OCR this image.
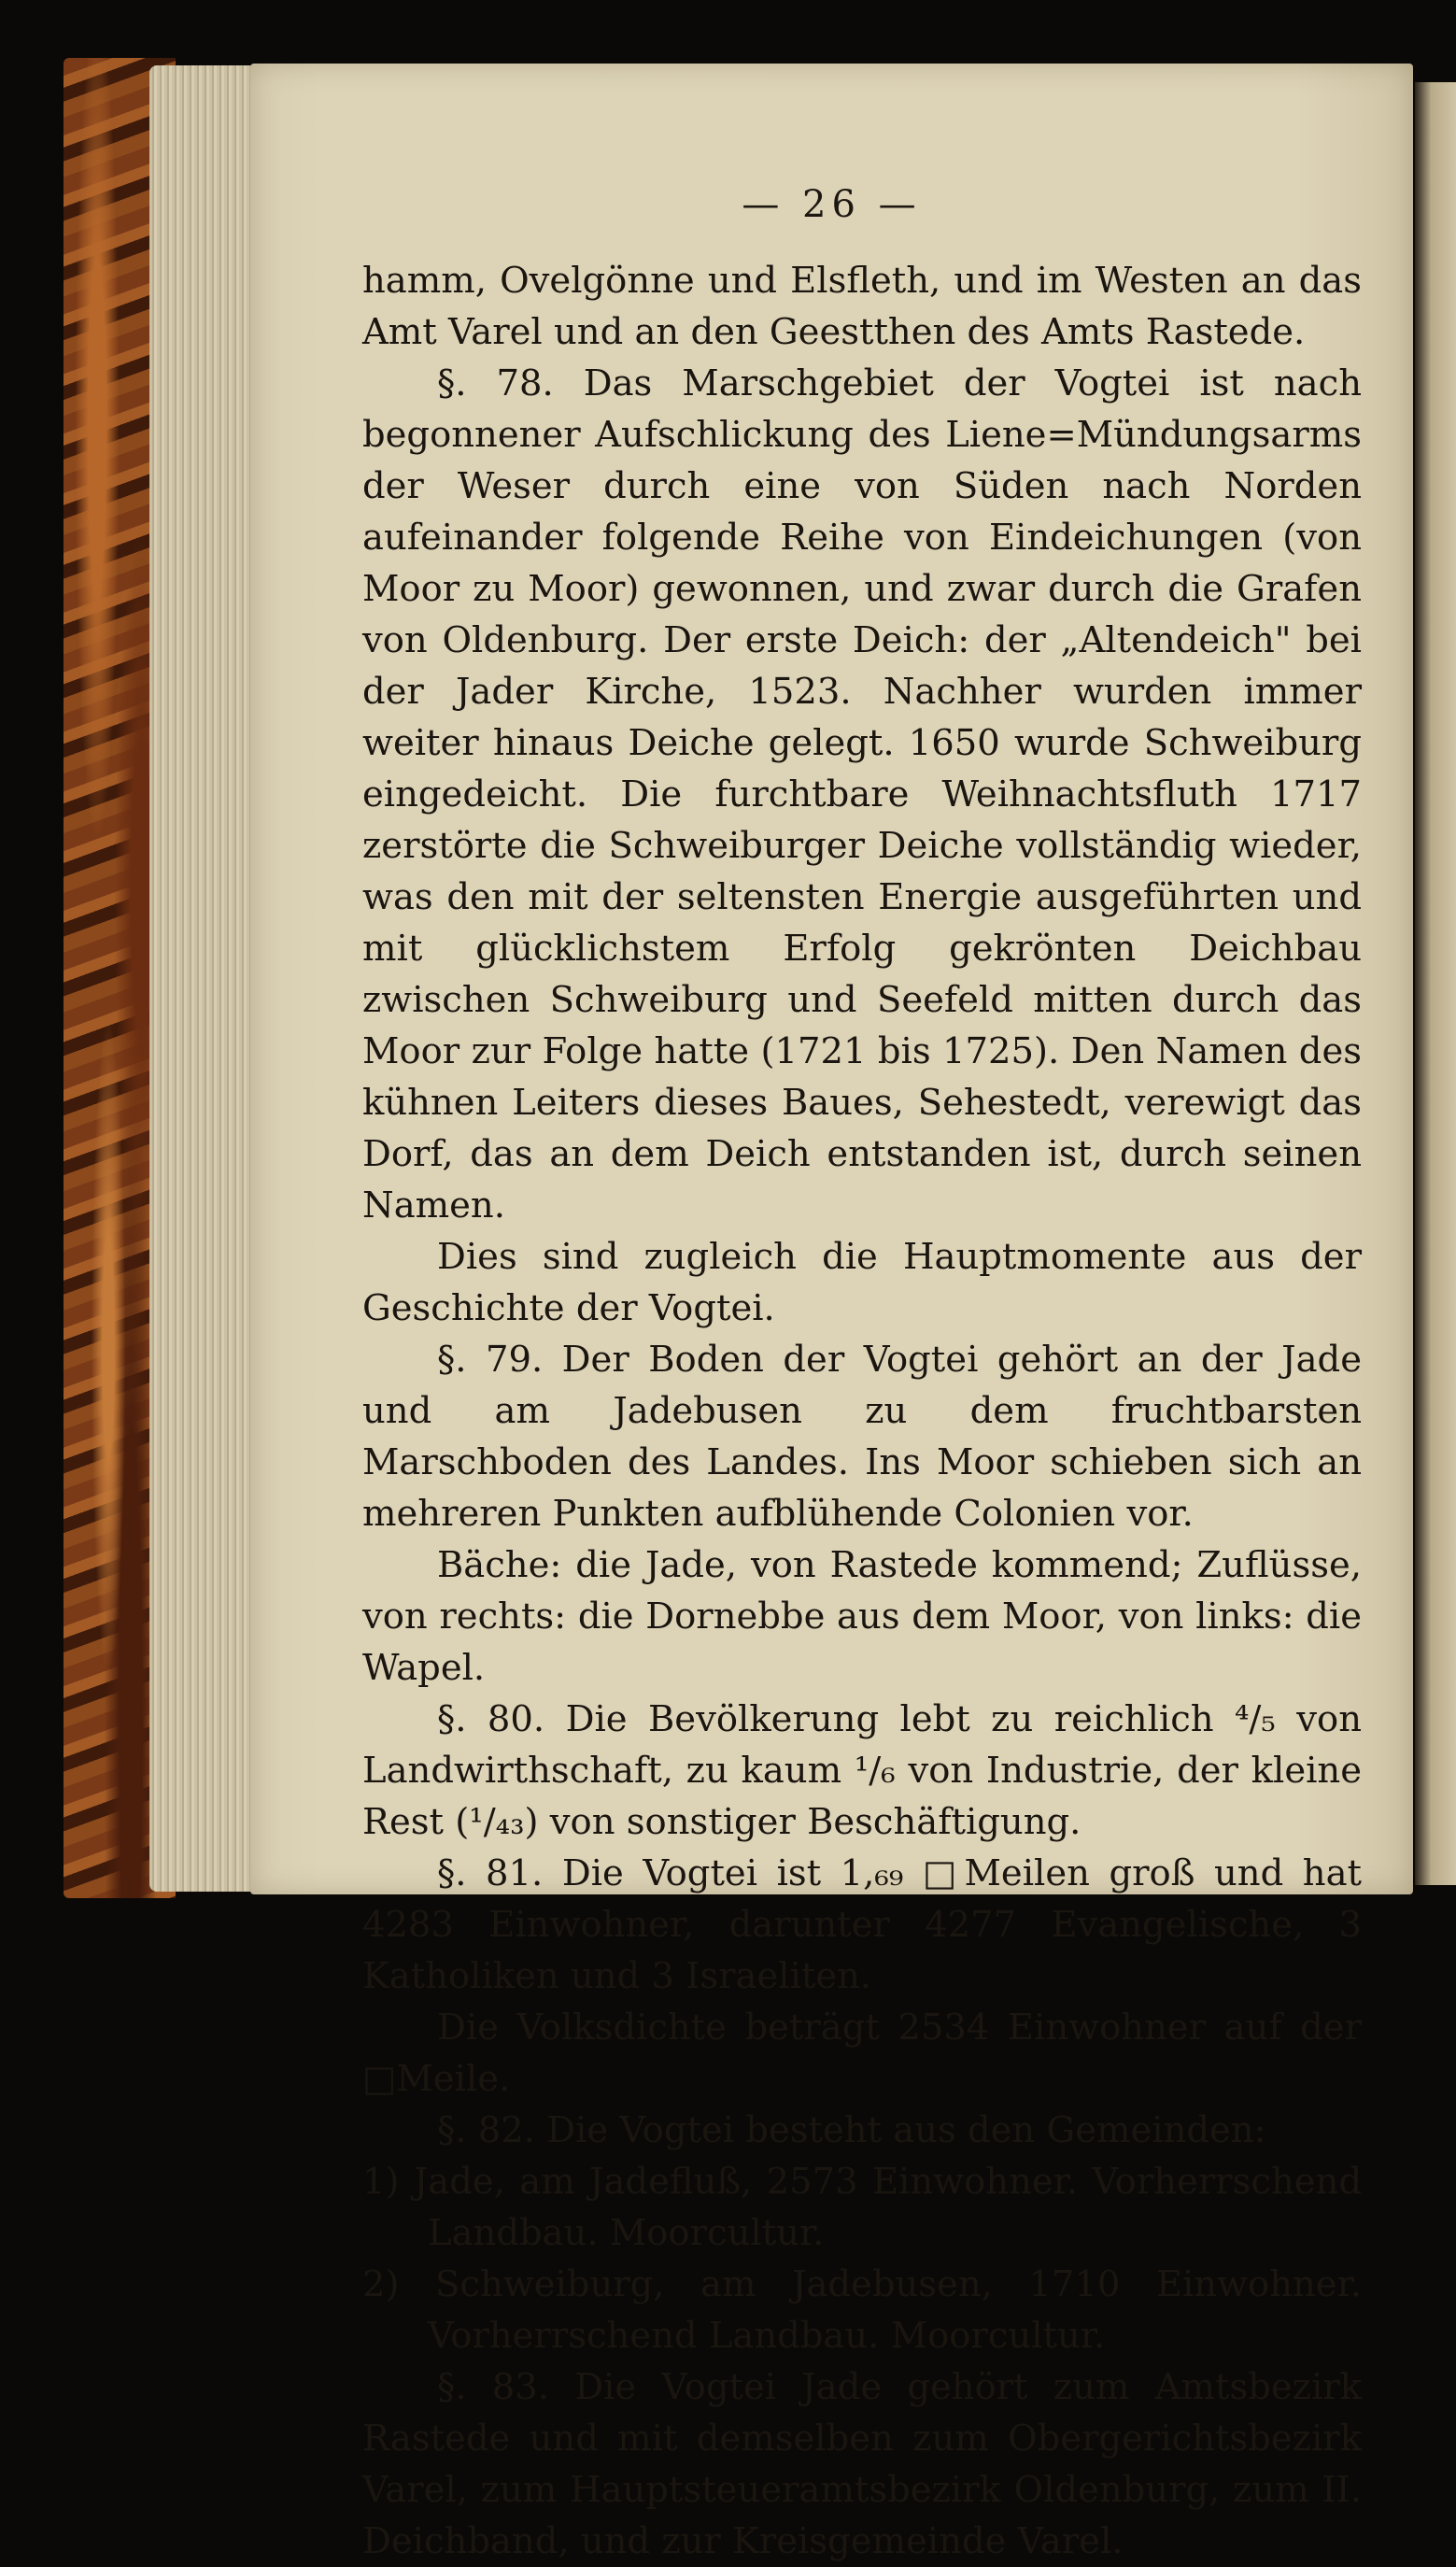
— 26 —

hamm, Ovelgönne und Elsfleth, und im Westen an das Amt Varel und an den Geestthen des Amts Rastede.

§. 78. Das Marschgebiet der Vogtei ist nach begonnener Aufschlickung des Liene=Mündungsarms der Weser durch eine von Süden nach Norden aufeinander folgende Reihe von Eindeichungen (von Moor zu Moor) gewonnen, und zwar durch die Grafen von Oldenburg. Der erste Deich: der „Altendeich" bei der Jader Kirche, 1523. Nachher wurden immer weiter hinaus Deiche gelegt. 1650 wurde Schweiburg eingedeicht. Die furchtbare Weihnachtsfluth 1717 zerstörte die Schweiburger Deiche vollständig wieder, was den mit der seltensten Energie ausgeführten und mit glücklichstem Erfolg gekrönten Deichbau zwischen Schweiburg und Seefeld mitten durch das Moor zur Folge hatte (1721 bis 1725). Den Namen des kühnen Leiters dieses Baues, Sehestedt, verewigt das Dorf, das an dem Deich entstanden ist, durch seinen Namen.

Dies sind zugleich die Hauptmomente aus der Geschichte der Vogtei.

§. 79. Der Boden der Vogtei gehört an der Jade und am Jadebusen zu dem fruchtbarsten Marschboden des Landes. Ins Moor schieben sich an mehreren Punkten aufblühende Colonien vor.

Bäche: die Jade, von Rastede kommend; Zuflüsse, von rechts: die Dornebbe aus dem Moor, von links: die Wapel.

§. 80. Die Bevölkerung lebt zu reichlich ⁴/₅ von Landwirthschaft, zu kaum ¹/₆ von Industrie, der kleine Rest (¹/₄₃) von sonstiger Beschäftigung.

§. 81. Die Vogtei ist 1,₆₉ □Meilen groß und hat 4283 Einwohner, darunter 4277 Evangelische, 3 Katholiken und 3 Israeliten.

Die Volksdichte beträgt 2534 Einwohner auf der □Meile.

§. 82. Die Vogtei besteht aus den Gemeinden:

1) Jade, am Jadefluß, 2573 Einwohner. Vorherrschend Landbau. Moorcultur.

2) Schweiburg, am Jadebusen, 1710 Einwohner. Vorherrschend Landbau. Moorcultur.

§. 83. Die Vogtei Jade gehört zum Amtsbezirk Rastede und mit demselben zum Obergerichtsbezirk Varel, zum Hauptsteueramtsbezirk Oldenburg, zum II. Deichband, und zur Kreisgemeinde Varel.
